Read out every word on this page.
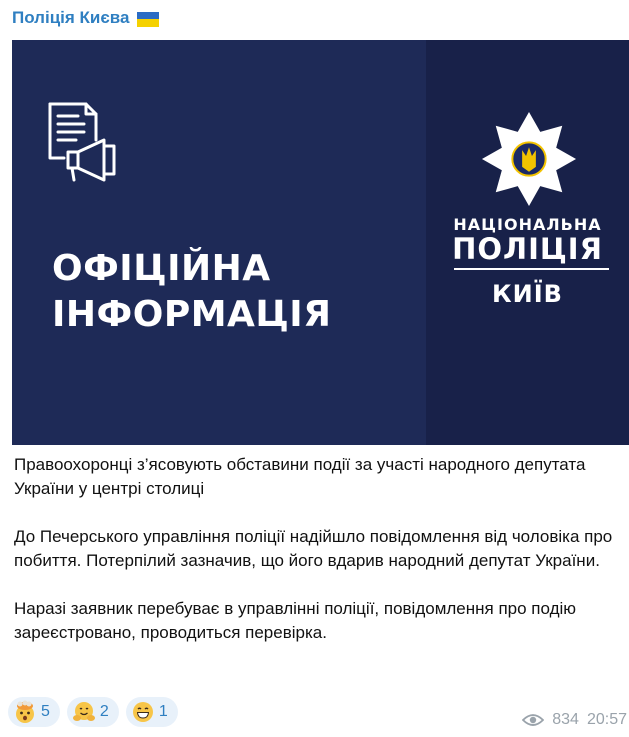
Поліція Києва
ОФІЦІЙНА
ІНФОРМАЦІЯ
НАЦІОНАЛЬНА
ПОЛІЦІЯ
КИЇВ

Правоохоронці з’ясовують обставини події за участі народного депутата України у центрі столиці

До Печерського управління поліції надійшло повідомлення від чоловіка про побиття. Потерпілий зазначив, що його вдарив народний депутат України.

Наразі заявник перебуває в управлінні поліції, повідомлення про подію зареєстровано, проводиться перевірка.

5	2	1	834 20:57
